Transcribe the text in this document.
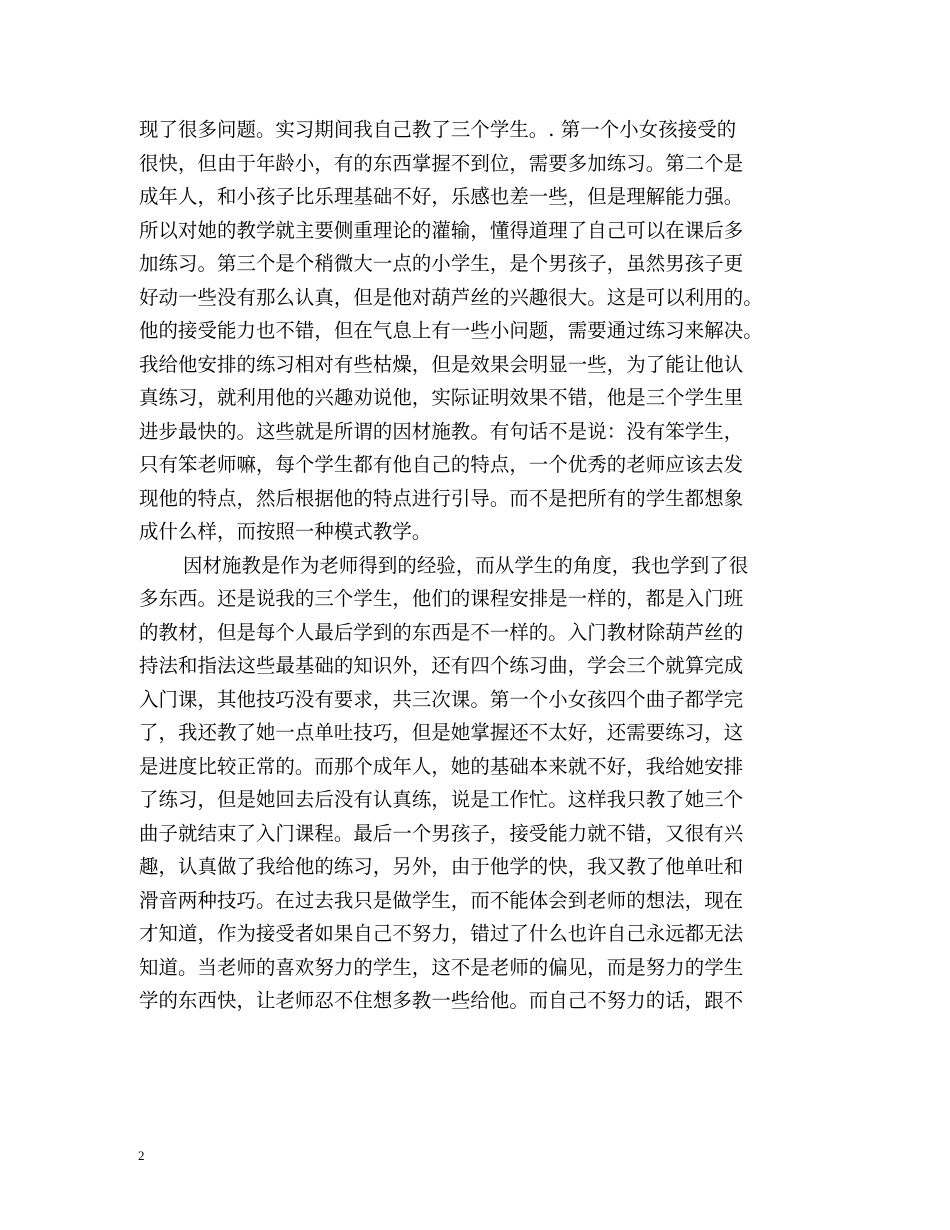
现了很多问题。实习期间我自己教了三个学生。. 第一个小女孩接受的
很快，但由于年龄小，有的东西掌握不到位，需要多加练习。第二个是
成年人，和小孩子比乐理基础不好，乐感也差一些，但是理解能力强。
所以对她的教学就主要侧重理论的灌输，懂得道理了自己可以在课后多
加练习。第三个是个稍微大一点的小学生，是个男孩子，虽然男孩子更
好动一些没有那么认真，但是他对葫芦丝的兴趣很大。这是可以利用的。
他的接受能力也不错，但在气息上有一些小问题，需要通过练习来解决。
我给他安排的练习相对有些枯燥，但是效果会明显一些，为了能让他认
真练习，就利用他的兴趣劝说他，实际证明效果不错，他是三个学生里
进步最快的。这些就是所谓的因材施教。有句话不是说：没有笨学生，
只有笨老师嘛，每个学生都有他自己的特点，一个优秀的老师应该去发
现他的特点，然后根据他的特点进行引导。而不是把所有的学生都想象
成什么样，而按照一种模式教学。
因材施教是作为老师得到的经验，而从学生的角度，我也学到了很
多东西。还是说我的三个学生，他们的课程安排是一样的，都是入门班
的教材，但是每个人最后学到的东西是不一样的。入门教材除葫芦丝的
持法和指法这些最基础的知识外，还有四个练习曲，学会三个就算完成
入门课，其他技巧没有要求，共三次课。第一个小女孩四个曲子都学完
了，我还教了她一点单吐技巧，但是她掌握还不太好，还需要练习，这
是进度比较正常的。而那个成年人，她的基础本来就不好，我给她安排
了练习，但是她回去后没有认真练，说是工作忙。这样我只教了她三个
曲子就结束了入门课程。最后一个男孩子，接受能力就不错，又很有兴
趣，认真做了我给他的练习，另外，由于他学的快，我又教了他单吐和
滑音两种技巧。在过去我只是做学生，而不能体会到老师的想法，现在
才知道，作为接受者如果自己不努力，错过了什么也许自己永远都无法
知道。当老师的喜欢努力的学生，这不是老师的偏见，而是努力的学生
学的东西快，让老师忍不住想多教一些给他。而自己不努力的话，跟不
2
